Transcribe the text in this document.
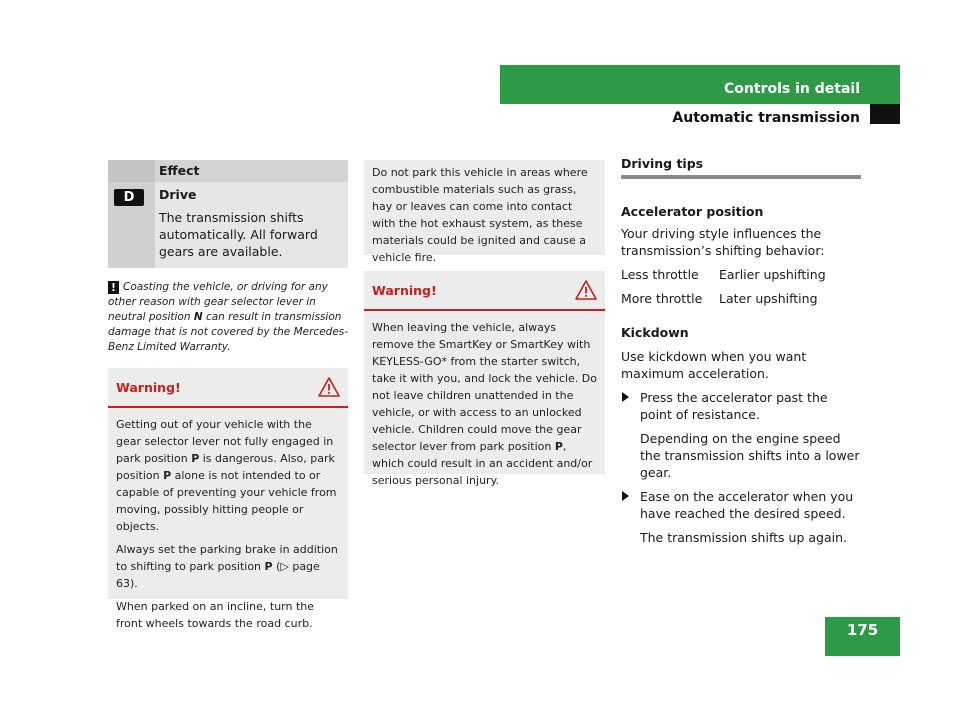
Controls in detail
Automatic transmission
Effect
D	Drive
The transmission shifts automatically. All forward gears are available.
! Coasting the vehicle, or driving for any other reason with gear selector lever in neutral position N can result in transmission damage that is not covered by the Mercedes-Benz Limited Warranty.
Warning!

Getting out of your vehicle with the gear selector lever not fully engaged in park position P is dangerous. Also, park position P alone is not intended to or capable of preventing your vehicle from moving, possibly hitting people or objects.

Always set the parking brake in addition to shifting to park position P (▷ page 63).

When parked on an incline, turn the front wheels towards the road curb.

Do not park this vehicle in areas where combustible materials such as grass, hay or leaves can come into contact with the hot exhaust system, as these materials could be ignited and cause a vehicle fire.
Warning!
When leaving the vehicle, always remove the SmartKey or SmartKey with KEYLESS-GO* from the starter switch, take it with you, and lock the vehicle. Do not leave children unattended in the vehicle, or with access to an unlocked vehicle. Children could move the gear selector lever from park position P, which could result in an accident and/or serious personal injury.
Driving tips
Accelerator position
Your driving style influences the transmission’s shifting behavior:
Less throttle	Earlier upshifting
More throttle	Later upshifting
Kickdown
Use kickdown when you want maximum acceleration.
Press the accelerator past the point of resistance.
Depending on the engine speed the transmission shifts into a lower gear.
Ease on the accelerator when you have reached the desired speed.
The transmission shifts up again.
175
